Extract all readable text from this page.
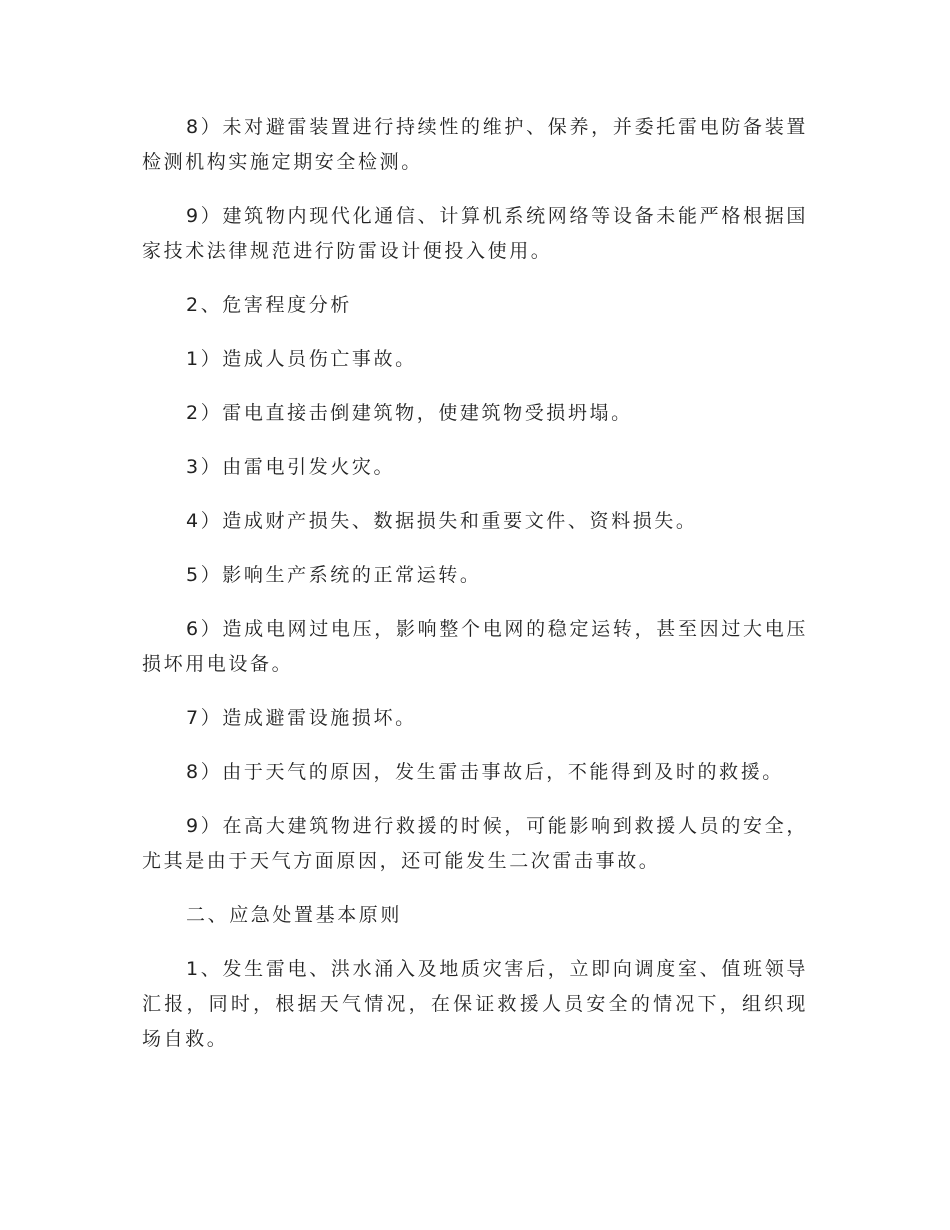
8）未对避雷装置进行持续性的维护、保养，并委托雷电防备装置检测机构实施定期安全检测。

9）建筑物内现代化通信、计算机系统网络等设备未能严格根据国家技术法律规范进行防雷设计便投入使用。

2、危害程度分析

1）造成人员伤亡事故。

2）雷电直接击倒建筑物，使建筑物受损坍塌。

3）由雷电引发火灾。

4）造成财产损失、数据损失和重要文件、资料损失。

5）影响生产系统的正常运转。

6）造成电网过电压，影响整个电网的稳定运转，甚至因过大电压损坏用电设备。

7）造成避雷设施损坏。

8）由于天气的原因，发生雷击事故后，不能得到及时的救援。

9）在高大建筑物进行救援的时候，可能影响到救援人员的安全，尤其是由于天气方面原因，还可能发生二次雷击事故。

二、应急处置基本原则

1、发生雷电、洪水涌入及地质灾害后，立即向调度室、值班领导汇报，同时，根据天气情况，在保证救援人员安全的情况下，组织现场自救。
